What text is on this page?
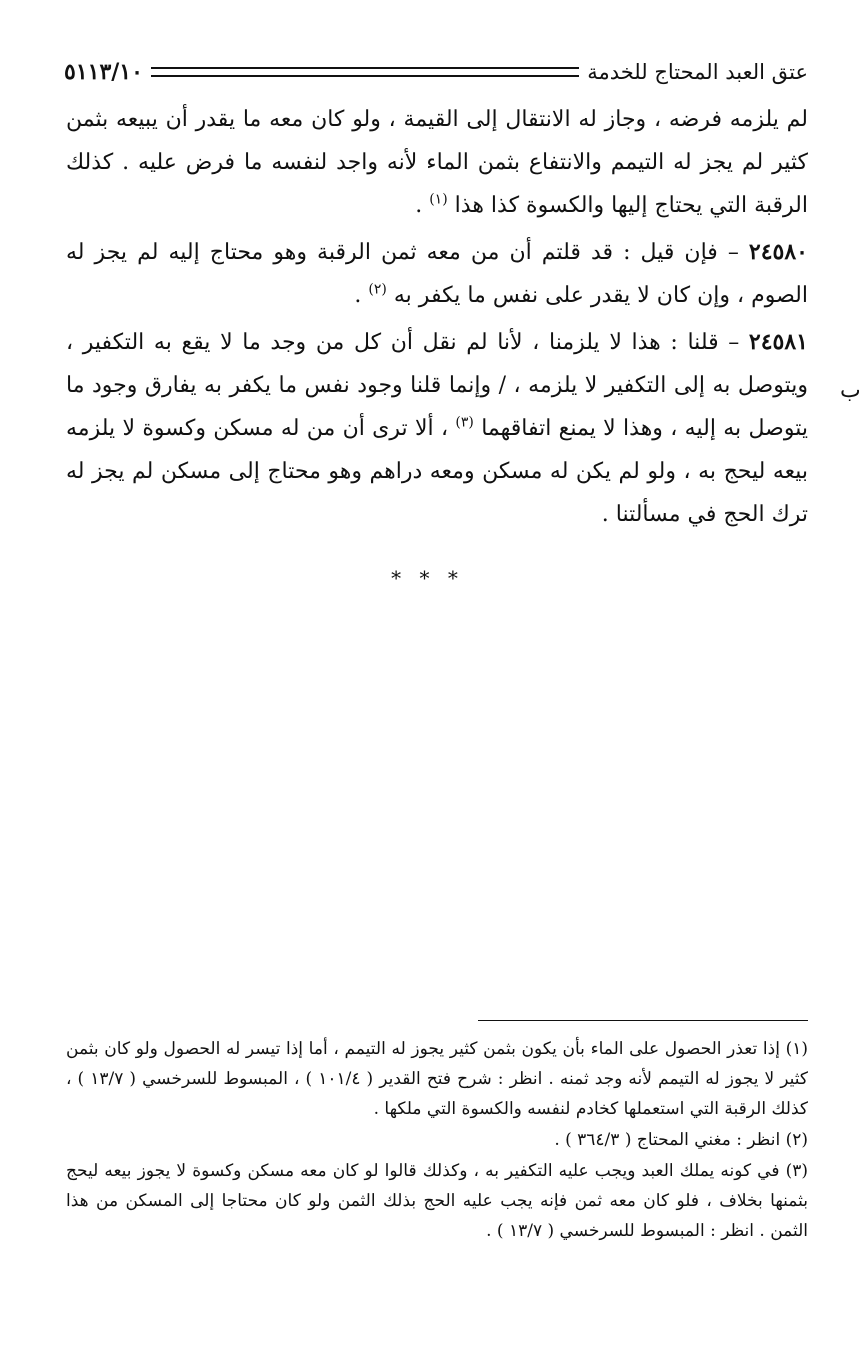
عتق العبد المحتاج للخدمة
٥١١٣/١٠

لم يلزمه فرضه ، وجاز له الانتقال إلى القيمة ، ولو كان معه ما يقدر أن يبيعه بثمن كثير لم يجز له التيمم والانتفاع بثمن الماء لأنه واجد لنفسه ما فرض عليه . كذلك الرقبة التي يحتاج إليها والكسوة كذا هذا $^{(١)}$ .

٢٤٥٨٠ – فإن قيل : قد قلتم أن من معه ثمن الرقبة وهو محتاج إليه لم يجز له الصوم ، وإن كان لا يقدر على نفس ما يكفر به $^{(٢)}$ .

٢٤٥٨١ – قلنا : هذا لا يلزمنا ، لأنا لم نقل أن كل من وجد ما لا يقع به التكفير ، ويتوصل به إلى التكفير لا يلزمه ، / وإنما قلنا وجود نفس ما يكفر به يفارق وجود ما يتوصل به إليه ، وهذا لا يمنع اتفاقهما $^{(٣)}$ ، ألا ترى أن من له مسكن وكسوة لا يلزمه بيعه ليحج به ، ولو لم يكن له مسكن ومعه دراهم وهو محتاج إلى مسكن لم يجز له ترك الحج في مسألتنا .

* * *
ب

(١) إذا تعذر الحصول على الماء بأن يكون بثمن كثير يجوز له التيمم ، أما إذا تيسر له الحصول ولو كان بثمن كثير لا يجوز له التيمم لأنه وجد ثمنه . انظر : شرح فتح القدير ( ١٠١/٤ ) ، المبسوط للسرخسي ( ١٣/٧ ) ، كذلك الرقبة التي استعملها كخادم لنفسه والكسوة التي ملكها .

(٢) انظر : مغني المحتاج ( ٣٦٤/٣ ) .

(٣) في كونه يملك العبد ويجب عليه التكفير به ، وكذلك قالوا لو كان معه مسكن وكسوة لا يجوز بيعه ليحج بثمنها بخلاف ، فلو كان معه ثمن فإنه يجب عليه الحج بذلك الثمن ولو كان محتاجا إلى المسكن من هذا الثمن . انظر : المبسوط للسرخسي ( ١٣/٧ ) .
